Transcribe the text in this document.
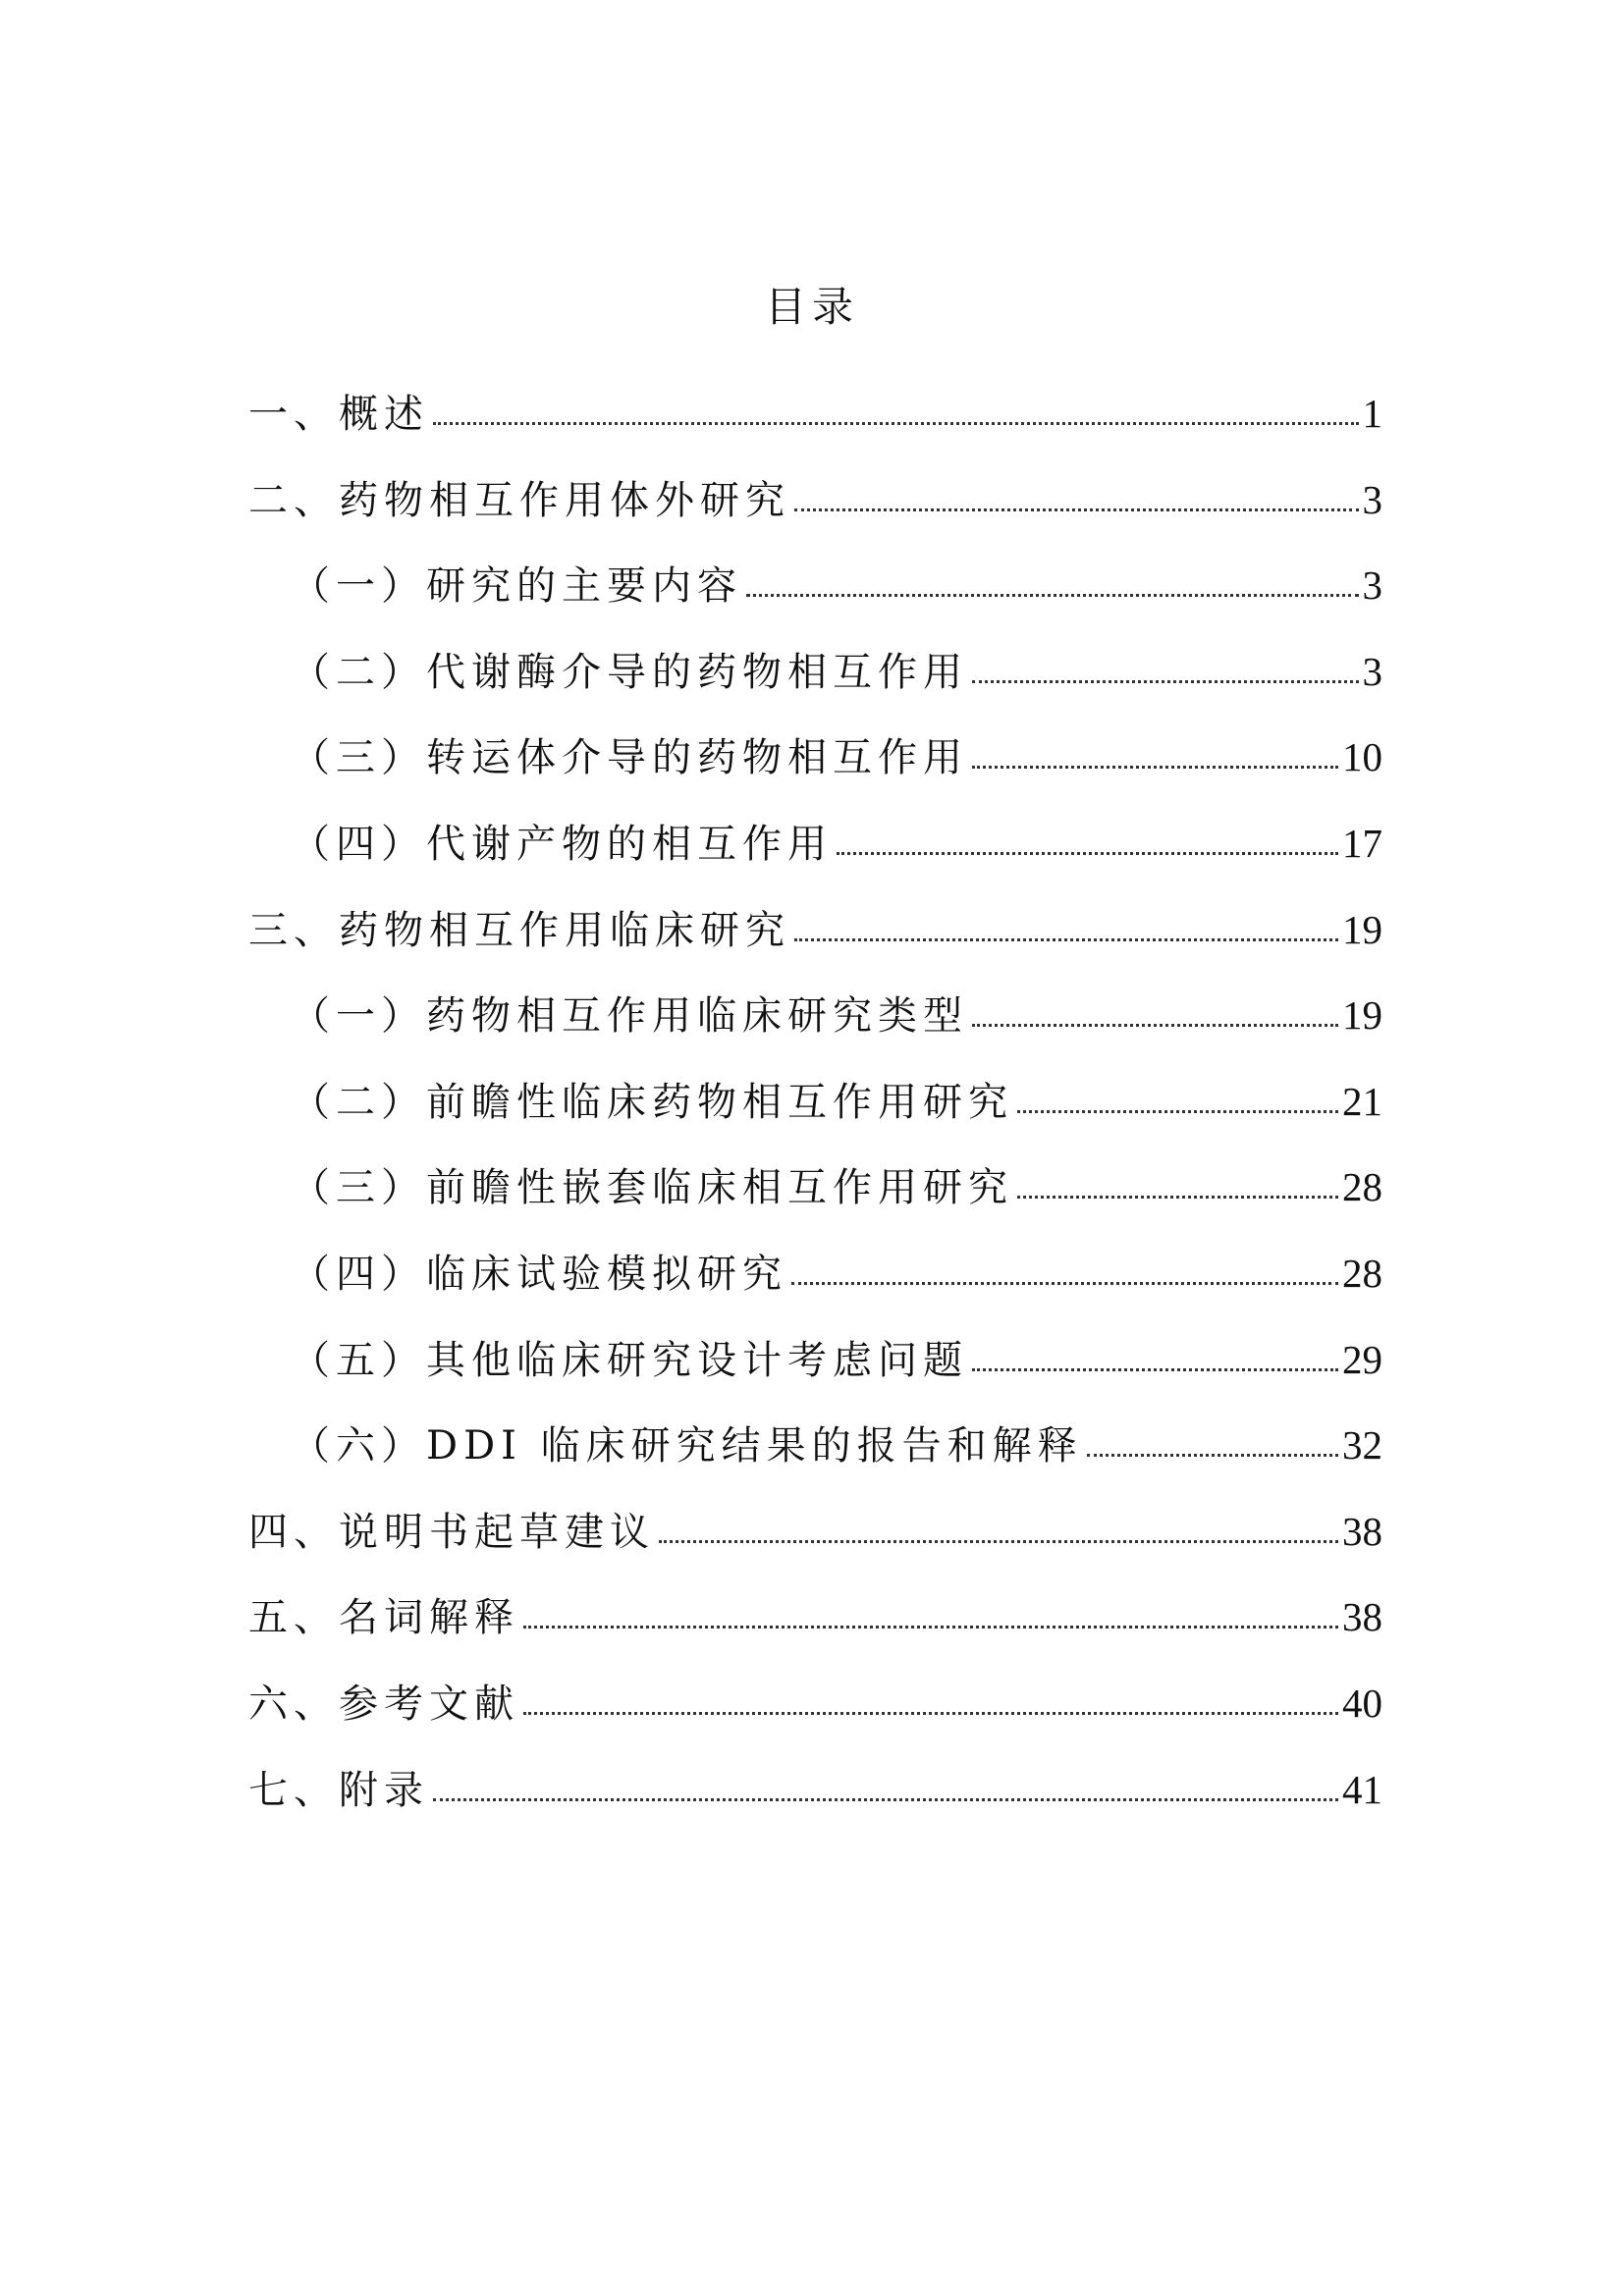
目录
一、概述	1
二、药物相互作用体外研究	3
（一）研究的主要内容	3
（二）代谢酶介导的药物相互作用	3
（三）转运体介导的药物相互作用	10
（四）代谢产物的相互作用	17
三、药物相互作用临床研究	19
（一）药物相互作用临床研究类型	19
（二）前瞻性临床药物相互作用研究	21
（三）前瞻性嵌套临床相互作用研究	28
（四）临床试验模拟研究	28
（五）其他临床研究设计考虑问题	29
（六）DDI 临床研究结果的报告和解释	32
四、说明书起草建议	38
五、名词解释	38
六、参考文献	40
七、附录	41
